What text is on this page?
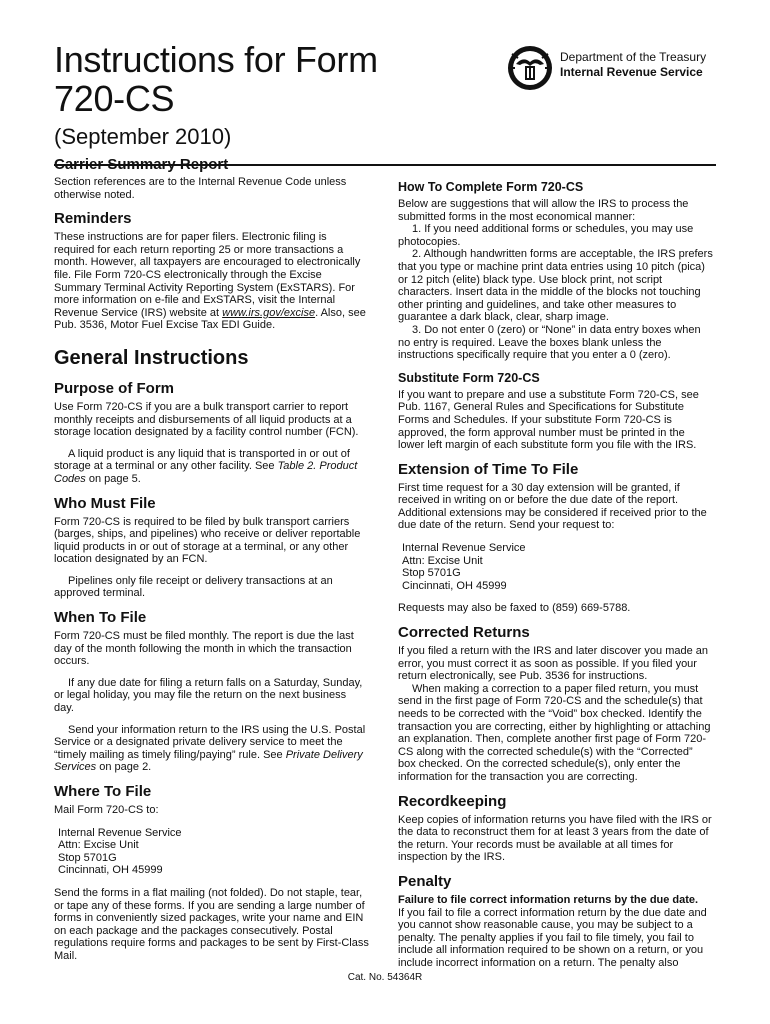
Instructions for Form
720-CS
(September 2010)
Carrier Summary Report
Department of the Treasury
Internal Revenue Service

Section references are to the Internal Revenue Code unless otherwise noted.

Reminders

These instructions are for paper filers. Electronic filing is required for each return reporting 25 or more transactions a month. However, all taxpayers are encouraged to electronically file. File Form 720-CS electronically through the Excise Summary Terminal Activity Reporting System (ExSTARS). For more information on e-file and ExSTARS, visit the Internal Revenue Service (IRS) website at www.irs.gov/excise. Also, see Pub. 3536, Motor Fuel Excise Tax EDI Guide.

General Instructions
Purpose of Form

Use Form 720-CS if you are a bulk transport carrier to report monthly receipts and disbursements of all liquid products at a storage location designated by a facility control number (FCN).

A liquid product is any liquid that is transported in or out of storage at a terminal or any other facility. See Table 2. Product Codes on page 5.

Who Must File

Form 720-CS is required to be filed by bulk transport carriers (barges, ships, and pipelines) who receive or deliver reportable liquid products in or out of storage at a terminal, or any other location designated by an FCN.

Pipelines only file receipt or delivery transactions at an approved terminal.

When To File

Form 720-CS must be filed monthly. The report is due the last day of the month following the month in which the transaction occurs.

If any due date for filing a return falls on a Saturday, Sunday, or legal holiday, you may file the return on the next business day.

Send your information return to the IRS using the U.S. Postal Service or a designated private delivery service to meet the “timely mailing as timely filing/paying” rule. See Private Delivery Services on page 2.

Where To File

Mail Form 720-CS to:

Internal Revenue Service
Attn: Excise Unit
Stop 5701G
Cincinnati, OH 45999

Send the forms in a flat mailing (not folded). Do not staple, tear, or tape any of these forms. If you are sending a large number of forms in conveniently sized packages, write your name and EIN on each package and the packages consecutively. Postal regulations require forms and packages to be sent by First-Class Mail.

How To Complete Form 720-CS

Below are suggestions that will allow the IRS to process the submitted forms in the most economical manner:

1. If you need additional forms or schedules, you may use photocopies.

2. Although handwritten forms are acceptable, the IRS prefers that you type or machine print data entries using 10 pitch (pica) or 12 pitch (elite) black type. Use block print, not script characters. Insert data in the middle of the blocks not touching other printing and guidelines, and take other measures to guarantee a dark black, clear, sharp image.

3. Do not enter 0 (zero) or “None” in data entry boxes when no entry is required. Leave the boxes blank unless the instructions specifically require that you enter a 0 (zero).

Substitute Form 720-CS

If you want to prepare and use a substitute Form 720-CS, see Pub. 1167, General Rules and Specifications for Substitute Forms and Schedules. If your substitute Form 720-CS is approved, the form approval number must be printed in the lower left margin of each substitute form you file with the IRS.

Extension of Time To File

First time request for a 30 day extension will be granted, if received in writing on or before the due date of the report. Additional extensions may be considered if received prior to the due date of the return. Send your request to:

Internal Revenue Service
Attn: Excise Unit
Stop 5701G
Cincinnati, OH 45999

Requests may also be faxed to (859) 669-5788.

Corrected Returns

If you filed a return with the IRS and later discover you made an error, you must correct it as soon as possible. If you filed your return electronically, see Pub. 3536 for instructions.

When making a correction to a paper filed return, you must send in the first page of Form 720-CS and the schedule(s) that needs to be corrected with the “Void” box checked. Identify the transaction you are correcting, either by highlighting or attaching an explanation. Then, complete another first page of Form 720-CS along with the corrected schedule(s) with the “Corrected” box checked. On the corrected schedule(s), only enter the information for the transaction you are correcting.

Recordkeeping

Keep copies of information returns you have filed with the IRS or the data to reconstruct them for at least 3 years from the date of the return. Your records must be available at all times for inspection by the IRS.

Penalty

Failure to file correct information returns by the due date.

If you fail to file a correct information return by the due date and you cannot show reasonable cause, you may be subject to a penalty. The penalty applies if you fail to file timely, you fail to include all information required to be shown on a return, or you include incorrect information on a return. The penalty also

Cat. No. 54364R
